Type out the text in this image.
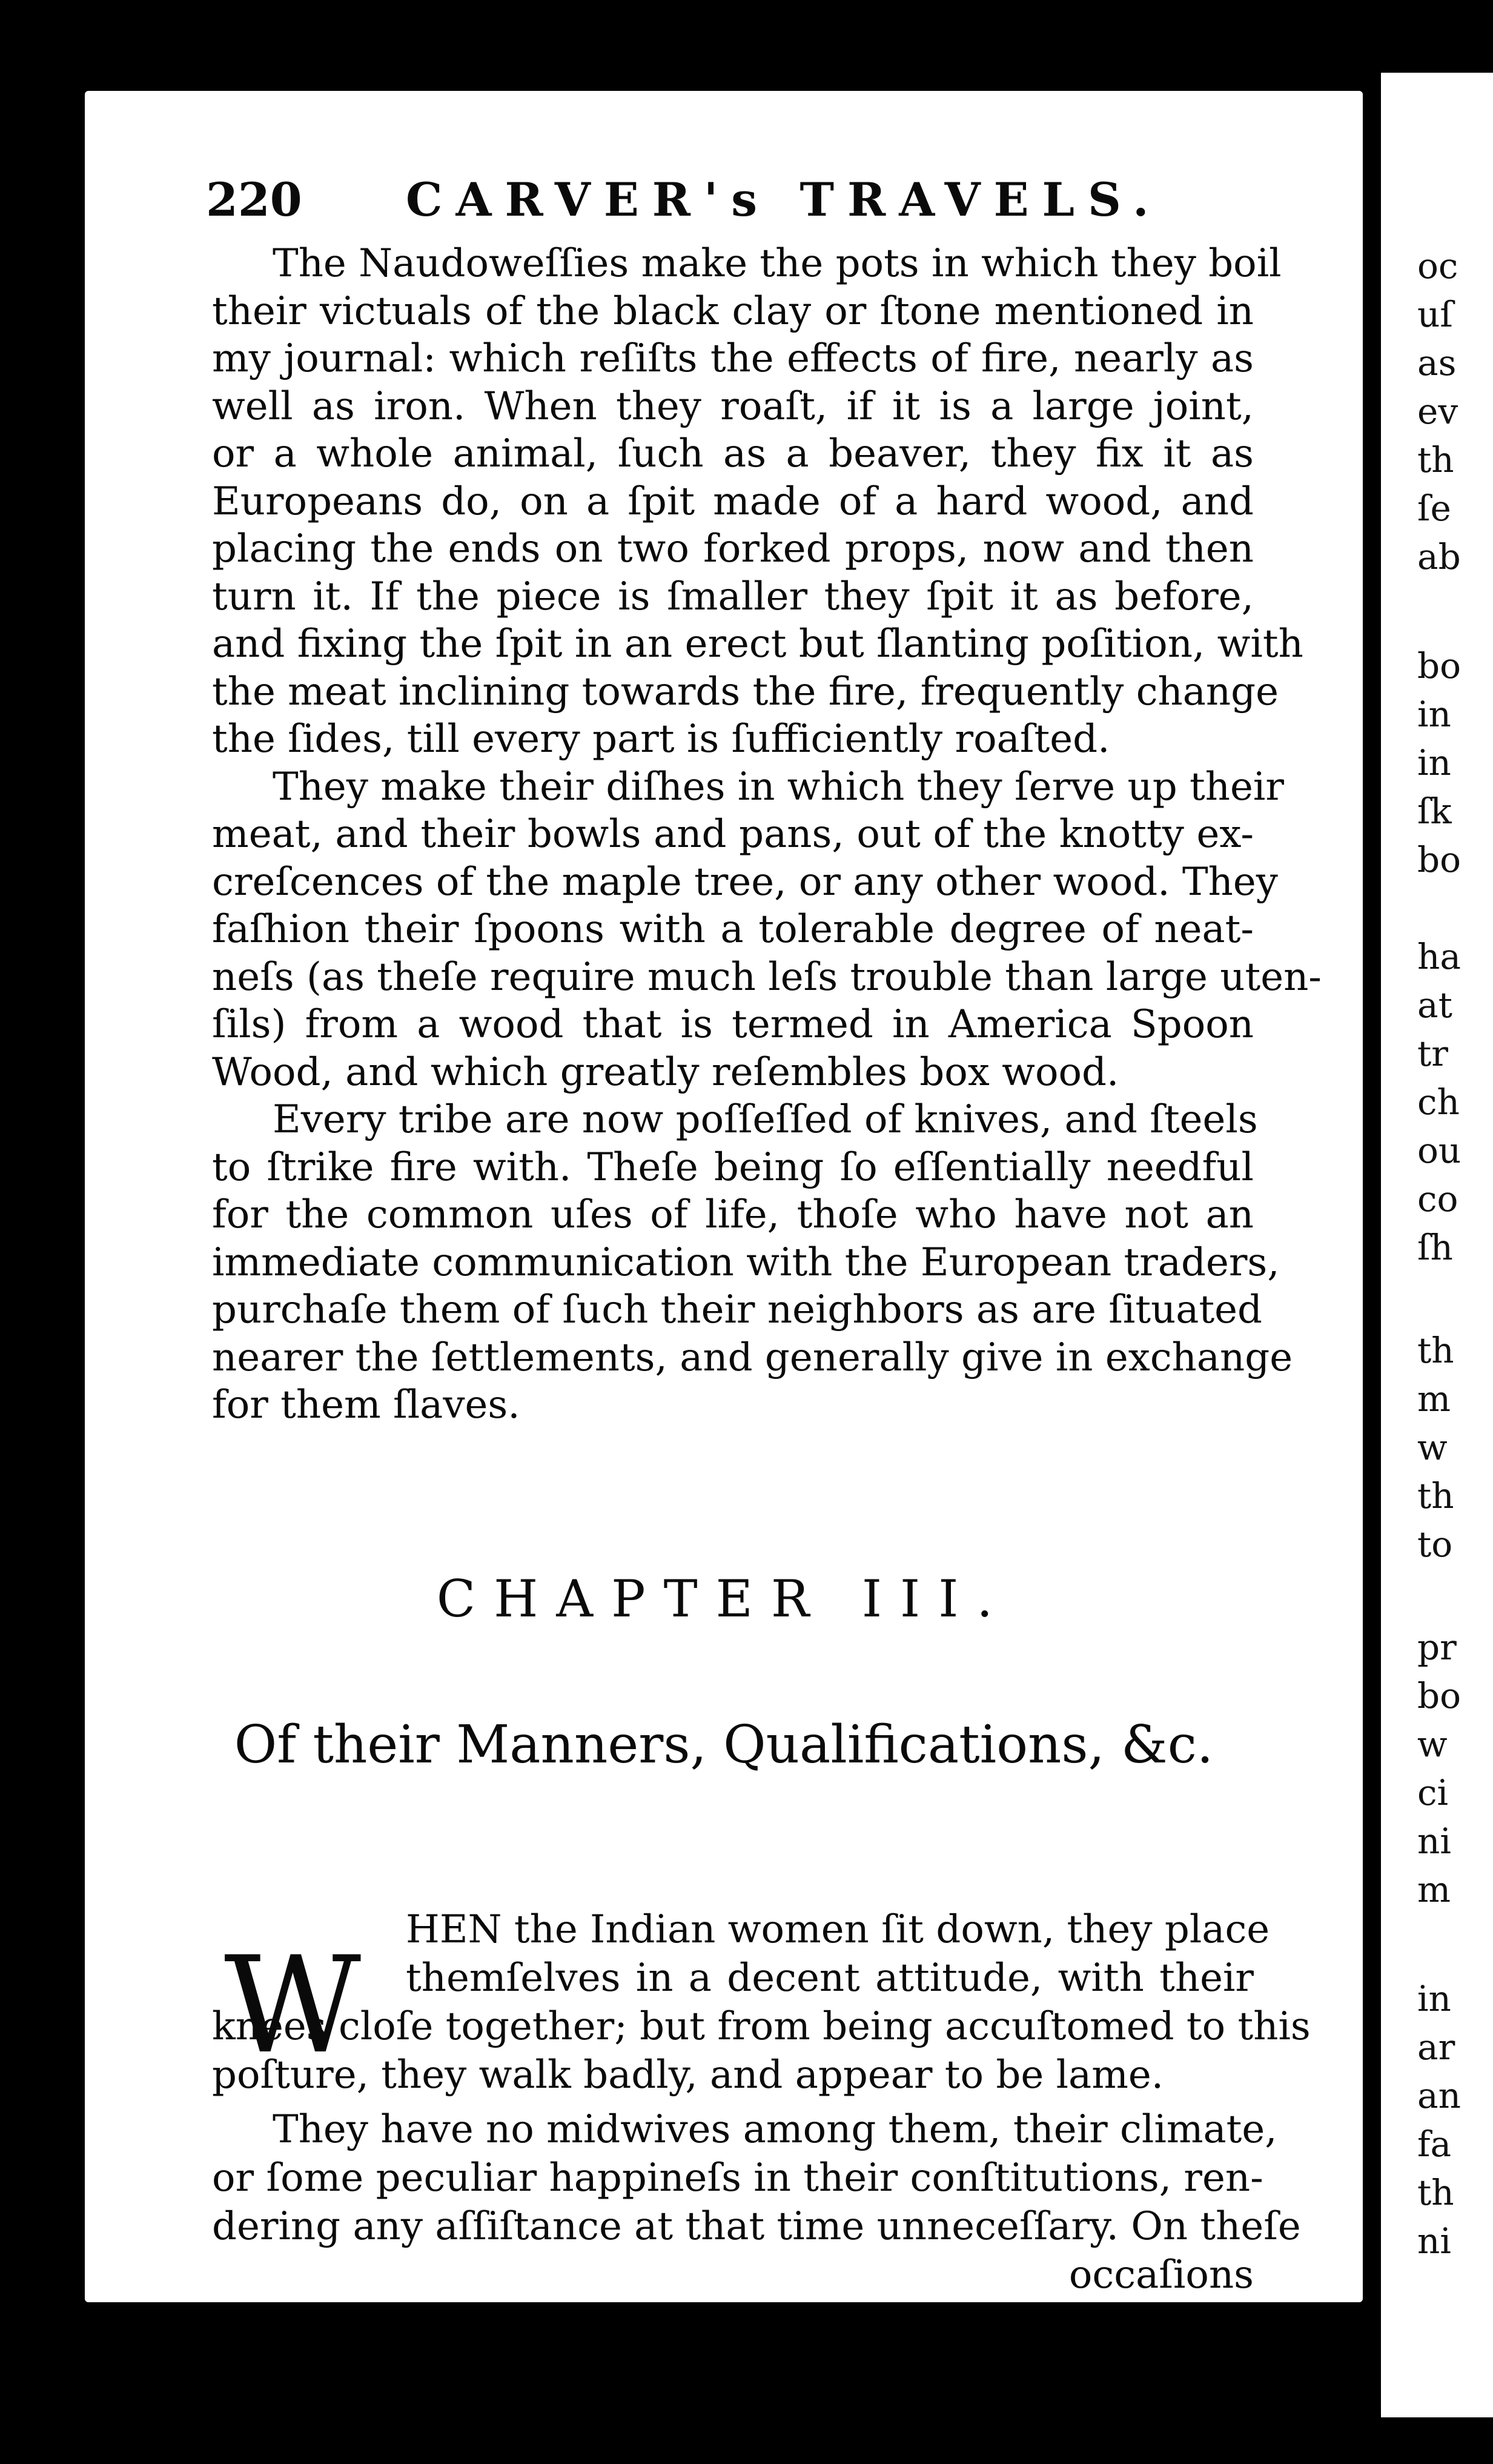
220 CARVER's TRAVELS.
The Naudoweſſies make the pots in which they boil
their victuals of the black clay or ſtone mentioned in
my journal: which reſiſts the effects of fire, nearly as
well as iron. When they roaſt, if it is a large joint,
or a whole animal, ſuch as a beaver, they fix it as
Europeans do, on a ſpit made of a hard wood, and
placing the ends on two forked props, now and then
turn it. If the piece is ſmaller they ſpit it as before,
and fixing the ſpit in an erect but ſlanting poſition, with
the meat inclining towards the fire, frequently change
the ſides, till every part is ſufficiently roaſted.
They make their diſhes in which they ſerve up their
meat, and their bowls and pans, out of the knotty ex-
creſcences of the maple tree, or any other wood. They
faſhion their ſpoons with a tolerable degree of neat-
neſs (as theſe require much leſs trouble than large uten-
ſils) from a wood that is termed in America Spoon
Wood, and which greatly reſembles box wood.
Every tribe are now poſſeſſed of knives, and ſteels
to ſtrike fire with. Theſe being ſo eſſentially needful
for the common uſes of life, thoſe who have not an
immediate communication with the European traders,
purchaſe them of ſuch their neighbors as are ſituated
nearer the ſettlements, and generally give in exchange
for them ſlaves.
CHAPTER III.
Of their Manners, Qualifications, &c.
W HEN the Indian women ſit down, they place
themſelves in a decent attitude, with their
knees cloſe together; but from being accuſtomed to this
poſture, they walk badly, and appear to be lame.
They have no midwives among them, their climate,
or ſome peculiar happineſs in their conſtitutions, ren-
dering any aſſiſtance at that time unneceſſary. On theſe
occaſions
oc
uſ
as
ev
th
ſe
ab
bo
in
in
ſk
bo
ha
at
tr
ch
ou
co
ſh
th
m
w
th
to
pr
bo
w
ci
ni
m
in
ar
an
fa
th
ni
